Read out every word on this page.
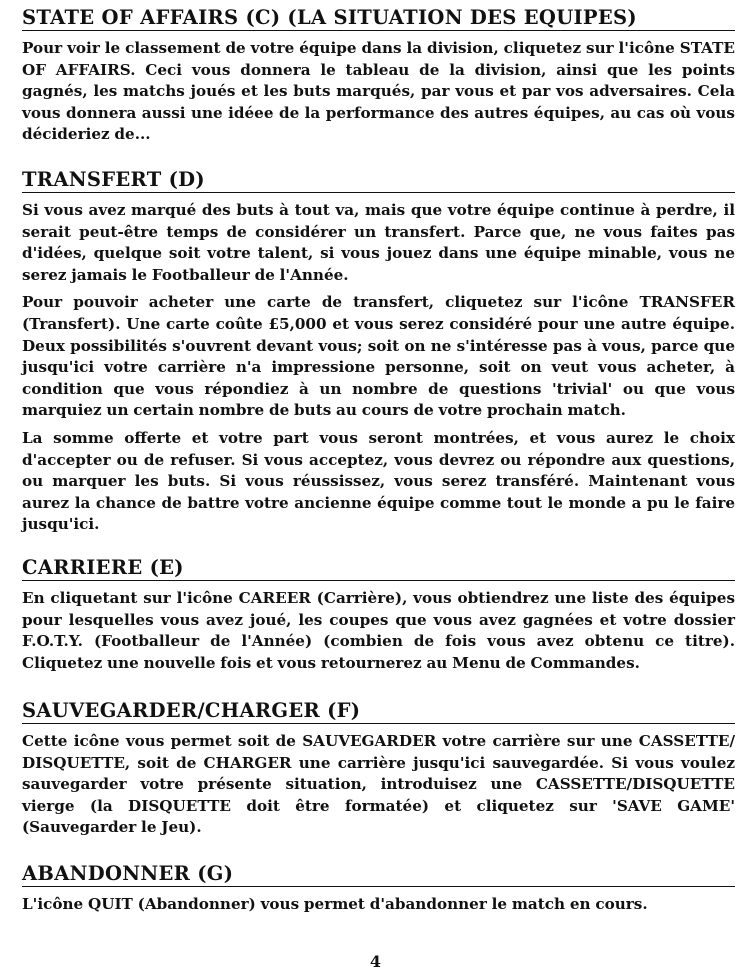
STATE OF AFFAIRS (C) (LA SITUATION DES EQUIPES)

Pour voir le classement de votre équipe dans la division, cliquetez sur l'icône STATE OF AFFAIRS. Ceci vous donnera le tableau de la division, ainsi que les points gagnés, les matchs joués et les buts marqués, par vous et par vos adversaires. Cela vous donnera aussi une idéee de la performance des autres équipes, au cas où vous décideriez de...

TRANSFERT (D)

Si vous avez marqué des buts à tout va, mais que votre équipe continue à perdre, il serait peut-être temps de considérer un transfert. Parce que, ne vous faites pas d'idées, quelque soit votre talent, si vous jouez dans une équipe minable, vous ne serez jamais le Footballeur de l'Année.

Pour pouvoir acheter une carte de transfert, cliquetez sur l'icône TRANSFER (Transfert). Une carte coûte £5,000 et vous serez considéré pour une autre équipe. Deux possibilités s'ouvrent devant vous; soit on ne s'intéresse pas à vous, parce que jusqu'ici votre carrière n'a impressione personne, soit on veut vous acheter, à condition que vous répondiez à un nombre de questions 'trivial' ou que vous marquiez un certain nombre de buts au cours de votre prochain match.

La somme offerte et votre part vous seront montrées, et vous aurez le choix d'accepter ou de refuser. Si vous acceptez, vous devrez ou répondre aux questions, ou marquer les buts. Si vous réussissez, vous serez transféré. Maintenant vous aurez la chance de battre votre ancienne équipe comme tout le monde a pu le faire jusqu'ici.

CARRIERE (E)

En cliquetant sur l'icône CAREER (Carrière), vous obtiendrez une liste des équipes pour lesquelles vous avez joué, les coupes que vous avez gagnées et votre dossier F.O.T.Y. (Footballeur de l'Année) (combien de fois vous avez obtenu ce titre). Cliquetez une nouvelle fois et vous retournerez au Menu de Commandes.

SAUVEGARDER/CHARGER (F)

Cette icône vous permet soit de SAUVEGARDER votre carrière sur une CASSETTE/ DISQUETTE, soit de CHARGER une carrière jusqu'ici sauvegardée. Si vous voulez sauvegarder votre présente situation, introduisez une CASSETTE/DISQUETTE vierge (la DISQUETTE doit être formatée) et cliquetez sur 'SAVE GAME' (Sauvegarder le Jeu).

ABANDONNER (G)

L'icône QUIT (Abandonner) vous permet d'abandonner le match en cours.

4
